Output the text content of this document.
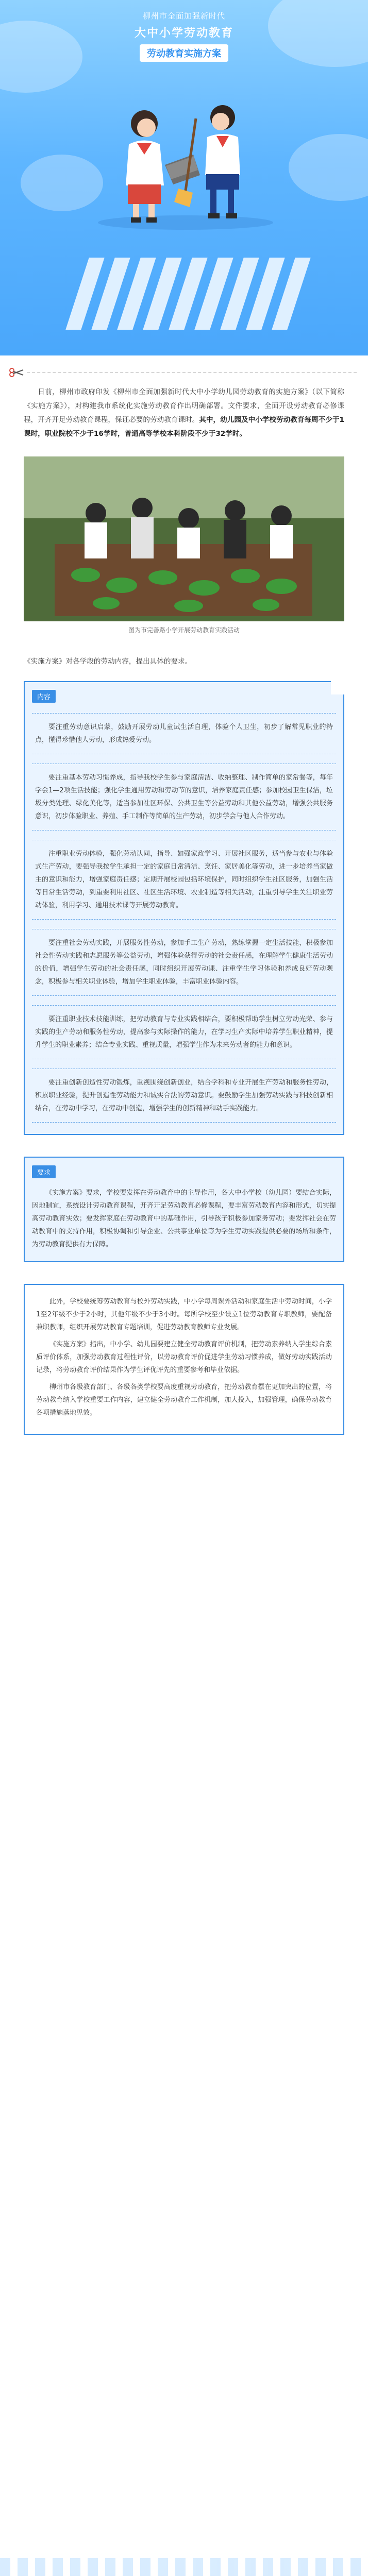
柳州市全面加强新时代
大中小学劳动教育
劳动教育实施方案

日前，柳州市政府印发《柳州市全面加强新时代大中小学幼儿园劳动教育的实施方案》（以下简称《实施方案》），对构建我市系统化实施劳动教育作出明确部署。文件要求，全面开设劳动教育必修课程，开齐开足劳动教育课程，保证必要的劳动教育课时。其中，幼儿园及中小学校劳动教育每周不少于1课时，职业院校不少于16学时，普通高等学校本科阶段不少于32学时。

图为市完善路小学开展劳动教育实践活动
《实施方案》对各学段的劳动内容，提出具体的要求。
内容

要注重劳动意识启蒙，鼓励开展劳动儿童试生活自理，体验个人卫生，初步了解常见职业的特点，懂得珍惜他人劳动，形成热爱劳动。

要注重基本劳动习惯养成，指导我校学生参与家庭清洁、收纳整理、制作简单的家常餐等，每年学会1—2项生活技能；强化学生通用劳动和劳动节的意识，培养家庭责任感；参加校园卫生保洁，垃圾分类处理、绿化美化等，适当参加社区环保、公共卫生等公益劳动和其他公益劳动，增强公共服务意识，初步体验职业、养殖、手工制作等简单的生产劳动，初步学会与他人合作劳动。

注重职业劳动体验，强化劳动认同，指导、如强家政学习、开展社区服务，适当参与农业与体验式生产劳动，要强导我按学生承担一定的家庭日常清洁、烹饪、家居美化等劳动，进一步培养当家做主的意识和能力，增强家庭责任感；定期开展校园包括环境保护，同时组织学生社区服务，加强生活等日常生活劳动，到重要利用社区、社区生活环境、农业制造等相关活动，注重引导学生关注职业劳动体验，利用学习、通用技术课等开展劳动教育。

要注重社会劳动实践，开展服务性劳动，参加手工生产劳动，熟练掌握一定生活技能，积极参加社会性劳动实践和志愿服务等公益劳动，增强体验获得劳动的社会责任感，在理解学生健康生活劳动的价值，增强学生劳动的社会责任感，同时组织开展劳动课、注重学生学习体验和养成良好劳动观念，积极参与相关职业体验，增加学生职业体验，丰富职业体验内容。

要注重职业技术技能训练，把劳动教育与专业实践相结合，要积极帮助学生树立劳动光荣、参与实践的生产劳动和服务性劳动，提高参与实际操作的能力，在学习生产实际中培养学生职业精神，提升学生的职业素养；结合专业实践、重视质量，增强学生作为未来劳动者的能力和意识。

要注重创新创造性劳动锻炼，重视围绕创新创业，结合学科和专业开展生产劳动和服务性劳动，积累职业经验，提升创造性劳动能力和诚实合法的劳动意识。要鼓励学生加强劳动实践与科技创新相结合，在劳动中学习，在劳动中创造，增强学生的创新精神和动手实践能力。

要求

《实施方案》要求，学校要发挥在劳动教育中的主导作用，各大中小学校（幼儿园）要结合实际，因地制宜，系统设计劳动教育课程，开齐开足劳动教育必修课程，要丰富劳动教育内容和形式，切实提高劳动教育实效；要发挥家庭在劳动教育中的基础作用，引导孩子积极参加家务劳动；要发挥社会在劳动教育中的支持作用，积极协调和引导企业、公共事业单位等为学生劳动实践提供必要的场所和条件，为劳动教育提供有力保障。

此外，学校要统筹劳动教育与校外劳动实践，中小学每周课外活动和家庭生活中劳动时间，小学1至2年级不少于2小时，其他年级不少于3小时。每所学校至少设立1位劳动教育专职教师，要配备兼职教师，组织开展劳动教育专题培训，促进劳动教育教师专业发展。

《实施方案》指出，中小学、幼儿园要建立健全劳动教育评价机制，把劳动素养纳入学生综合素质评价体系，加强劳动教育过程性评价，以劳动教育评价促进学生劳动习惯养成，做好劳动实践活动记录，将劳动教育评价结果作为学生评优评先的重要参考和毕业依据。

柳州市各级教育部门、各级各类学校要高度重视劳动教育，把劳动教育摆在更加突出的位置，将劳动教育纳入学校重要工作内容，建立健全劳动教育工作机制，加大投入，加强管理，确保劳动教育各项措施落地见效。
